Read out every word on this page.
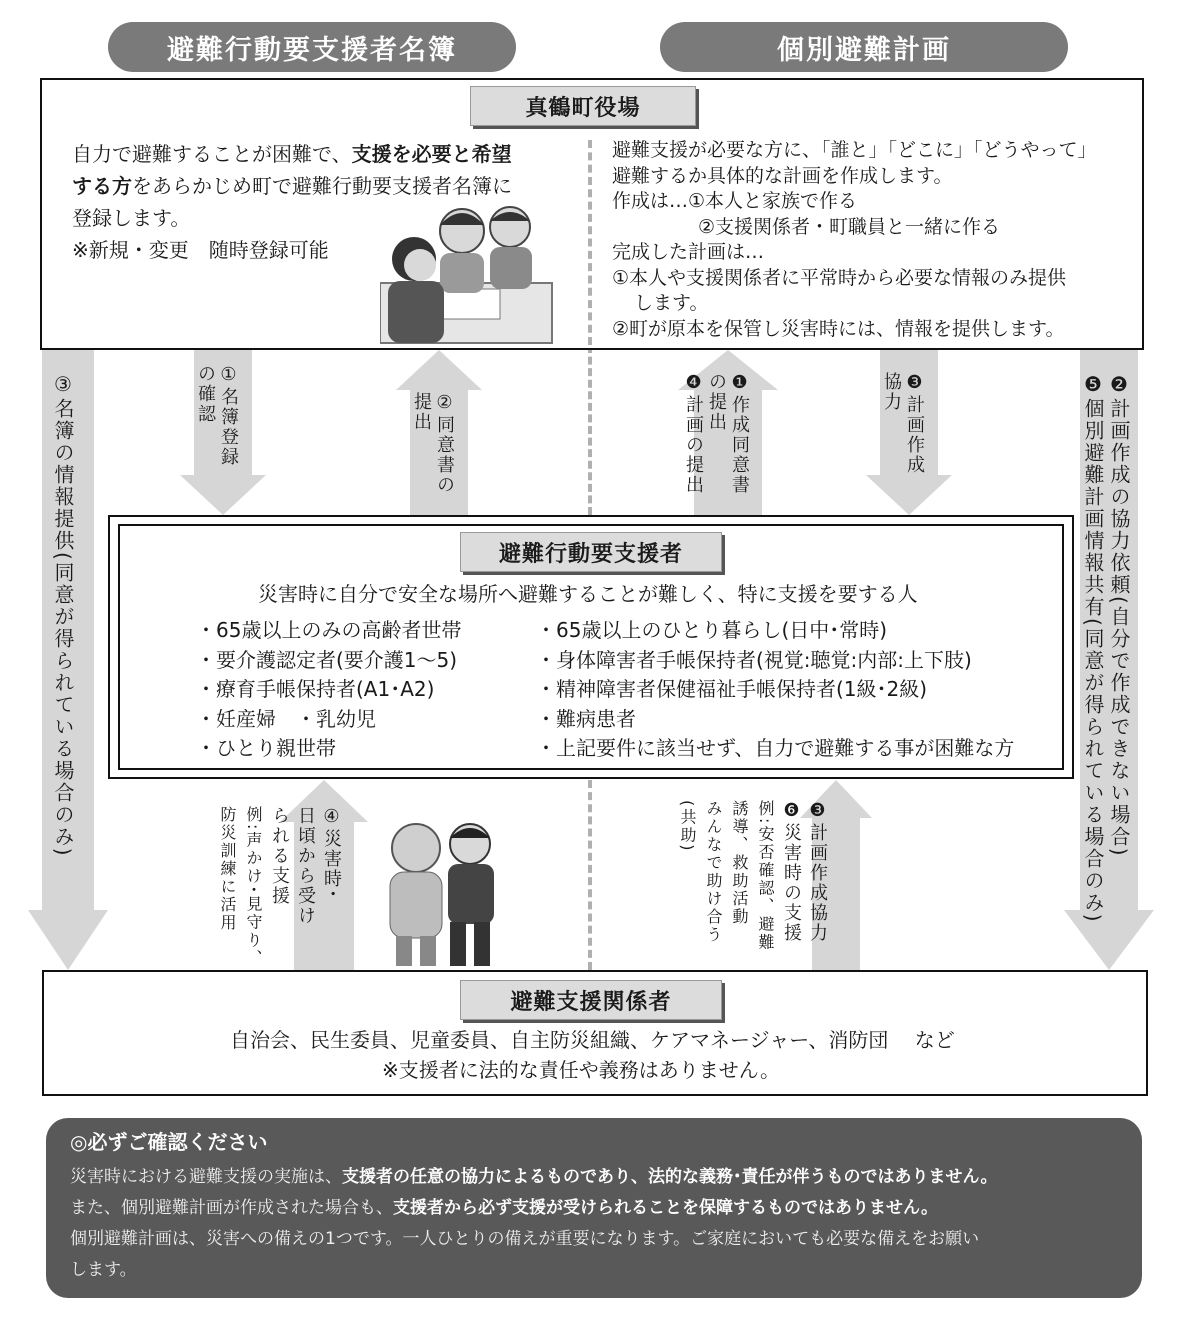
避難行動要支援者名簿	個別避難計画
真鶴町役場
自力で避難することが困難で、支援を必要と希望
する方をあらかじめ町で避難行動要支援者名簿に
登録します。
※新規・変更　随時登録可能
避難支援が必要な方に、「誰と」「どこに」「どうやって」
避難するか具体的な計画を作成します。
作成は…①本人と家族で作る
②支援関係者・町職員と一緒に作る
完成した計画は…
①本人や支援関係者に平常時から必要な情報のみ提供
します。
②町が原本を保管し災害時には、情報を提供します。
③名簿の情報提供(同意が得られている場合のみ)	❷計画作成の協力依頼(自分で作成できない場合)
❺個別避難計画情報共有(同意が得られている場合のみ)
①名簿登録
の確認	②同意書の
提出	❶作成同意書
の提出
❹計画の提出	❸計画作成
協力
避難行動要支援者
災害時に自分で安全な場所へ避難することが難しく、特に支援を要する人
・65歳以上のみの高齢者世帯
・要介護認定者(要介護1～5)
・療育手帳保持者(A1･A2)
・妊産婦　・乳幼児
・ひとり親世帯
・65歳以上のひとり暮らし(日中･常時)
・身体障害者手帳保持者(視覚:聴覚:内部:上下肢)
・精神障害者保健福祉手帳保持者(1級･2級)
・難病患者
・上記要件に該当せず、自力で避難する事が困難な方
④災害時･
日頃から受け
られる支援
例:声かけ･見守り、
防災訓練に活用	❸計画作成協力
❻災害時の支援
例:安否確認、避難
誘導、救助活動
みんなで助け合う
(共助)
避難支援関係者
自治会、民生委員、児童委員、自主防災組織、ケアマネージャー、消防団　 など
※支援者に法的な責任や義務はありません。
◎必ずご確認ください
災害時における避難支援の実施は、支援者の任意の協力によるものであり、法的な義務･責任が伴うものではありません。
また、個別避難計画が作成された場合も、支援者から必ず支援が受けられることを保障するものではありません。
個別避難計画は、災害への備えの1つです。一人ひとりの備えが重要になります。ご家庭においても必要な備えをお願い
します。
